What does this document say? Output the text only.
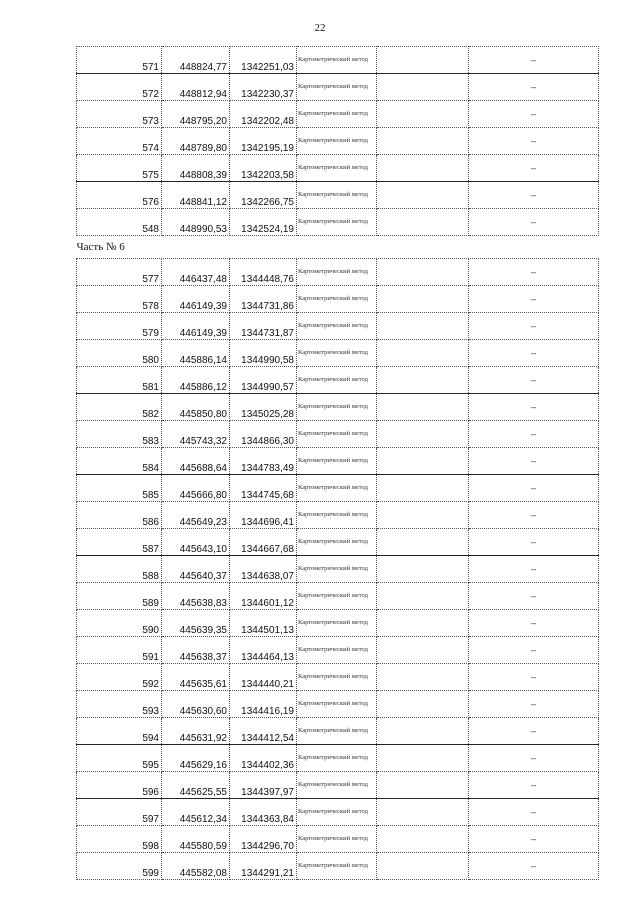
22
571	448824,77	1342251,03	Картометрический метод		–
572	448812,94	1342230,37	Картометрический метод		–
573	448795,20	1342202,48	Картометрический метод		–
574	448789,80	1342195,19	Картометрический метод		–
575	448808,39	1342203,58	Картометрический метод		–
576	448841,12	1342266,75	Картометрический метод		–
548	448990,53	1342524,19	Картометрический метод		–
Часть № 6					
577	446437,48	1344448,76	Картометрический метод		–
578	446149,39	1344731,86	Картометрический метод		–
579	446149,39	1344731,87	Картометрический метод		–
580	445886,14	1344990,58	Картометрический метод		–
581	445886,12	1344990,57	Картометрический метод		–
582	445850,80	1345025,28	Картометрический метод		–
583	445743,32	1344866,30	Картометрический метод		–
584	445688,64	1344783,49	Картометрический метод		–
585	445666,80	1344745,68	Картометрический метод		–
586	445649,23	1344696,41	Картометрический метод		–
587	445643,10	1344667,68	Картометрический метод		–
588	445640,37	1344638,07	Картометрический метод		–
589	445638,83	1344601,12	Картометрический метод		–
590	445639,35	1344501,13	Картометрический метод		–
591	445638,37	1344464,13	Картометрический метод		–
592	445635,61	1344440,21	Картометрический метод		–
593	445630,60	1344416,19	Картометрический метод		–
594	445631,92	1344412,54	Картометрический метод		–
595	445629,16	1344402,36	Картометрический метод		–
596	445625,55	1344397,97	Картометрический метод		–
597	445612,34	1344363,84	Картометрический метод		–
598	445580,59	1344296,70	Картометрический метод		–
599	445582,08	1344291,21	Картометрический метод		–
